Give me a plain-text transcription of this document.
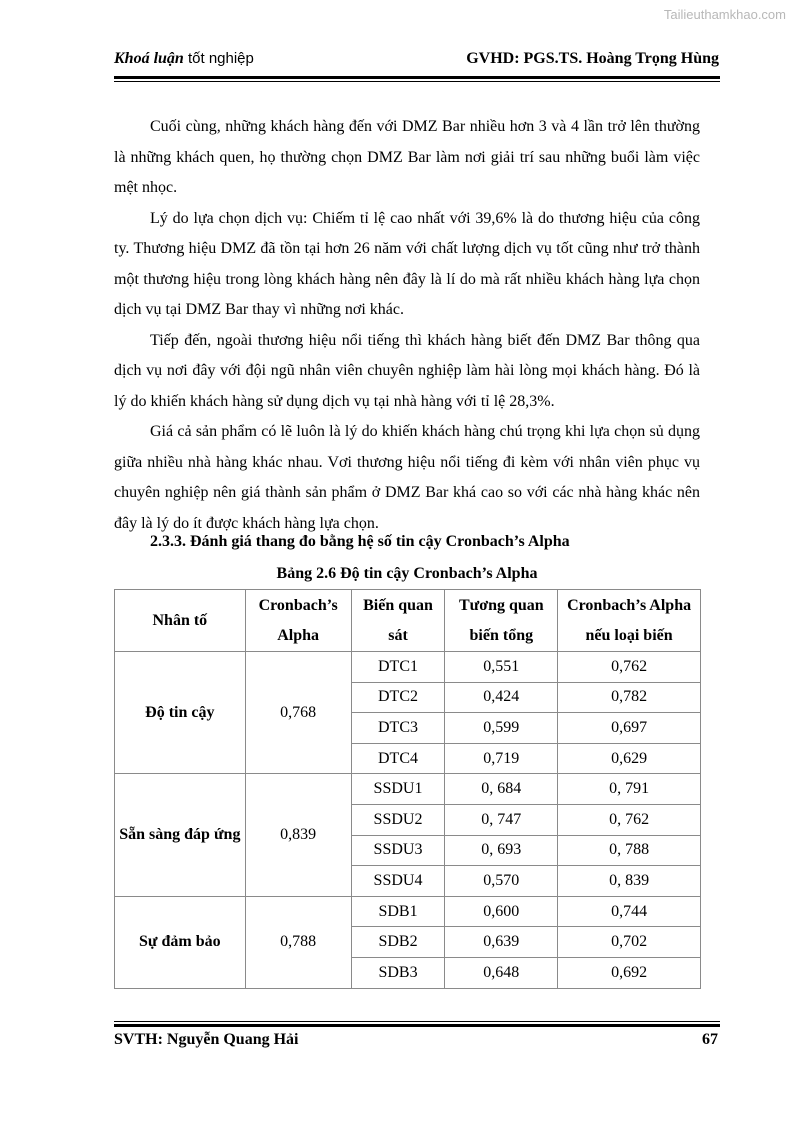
Tailieuthamkhao.com
Khoá luận tốt nghiệp	GVHD: PGS.TS. Hoàng Trọng Hùng

Cuối cùng, những khách hàng đến với DMZ Bar nhiều hơn 3 và 4 lần trở lên thường là những khách quen, họ thường chọn DMZ Bar làm nơi giải trí sau những buổi làm việc mệt nhọc.

Lý do lựa chọn dịch vụ: Chiếm tỉ lệ cao nhất với 39,6% là do thương hiệu của công ty. Thương hiệu DMZ đã tồn tại hơn 26 năm với chất lượng dịch vụ tốt cũng như trở thành một thương hiệu trong lòng khách hàng nên đây là lí do mà rất nhiều khách hàng lựa chọn dịch vụ tại DMZ Bar thay vì những nơi khác.

Tiếp đến, ngoài thương hiệu nổi tiếng thì khách hàng biết đến DMZ Bar thông qua dịch vụ nơi đây với đội ngũ nhân viên chuyên nghiệp làm hài lòng mọi khách hàng. Đó là lý do khiến khách hàng sử dụng dịch vụ tại nhà hàng với tỉ lệ 28,3%.

Giá cả sản phẩm có lẽ luôn là lý do khiến khách hàng chú trọng khi lựa chọn sủ dụng giữa nhiều nhà hàng khác nhau. Vơi thương hiệu nổi tiếng đi kèm với nhân viên phục vụ chuyên nghiệp nên giá thành sản phẩm ở DMZ Bar khá cao so với các nhà hàng khác nên đây là lý do ít được khách hàng lựa chọn.

2.3.3. Đánh giá thang đo bằng hệ số tin cậy Cronbach’s Alpha
Bảng 2.6 Độ tin cậy Cronbach’s Alpha
Nhân tố	Cronbach’s Alpha	Biến quan sát	Tương quan biến tổng	Cronbach’s Alpha nếu loại biến
Độ tin cậy	0,768	DTC1	0,551	0,762
		DTC2	0,424	0,782
		DTC3	0,599	0,697
		DTC4	0,719	0,629
Sẵn sàng đáp ứng	0,839	SSDU1	0, 684	0, 791
		SSDU2	0, 747	0, 762
		SSDU3	0, 693	0, 788
		SSDU4	0,570	0, 839
Sự đảm bảo	0,788	SDB1	0,600	0,744
		SDB2	0,639	0,702
		SDB3	0,648	0,692
SVTH: Nguyễn Quang Hải	67
